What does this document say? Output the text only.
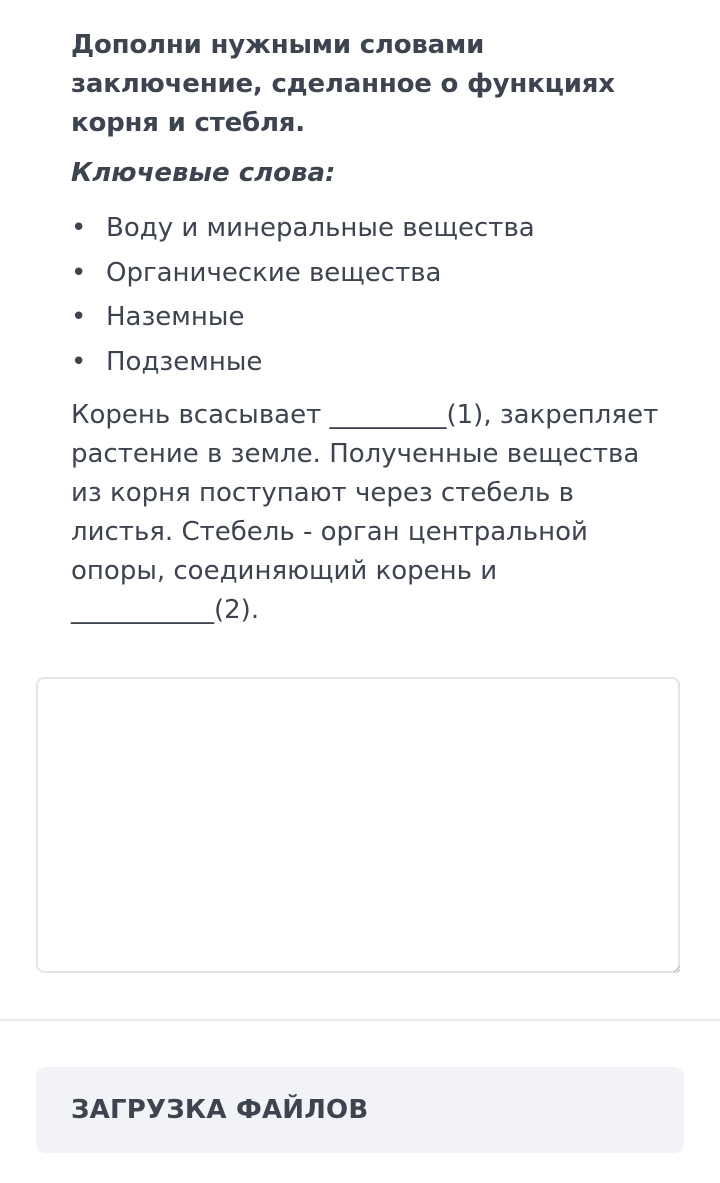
Дополни нужными словами заключение, сделанное о функциях корня и стебля.
Ключевые слова:
• Воду и минеральные вещества
• Органические вещества
• Наземные
• Подземные

Корень всасывает _________(1), закрепляет растение в земле. Полученные вещества из корня поступают через стебель в листья. Стебель - орган центральной опоры, соединяющий корень и ___________(2).

ЗАГРУЗКА ФАЙЛОВ
